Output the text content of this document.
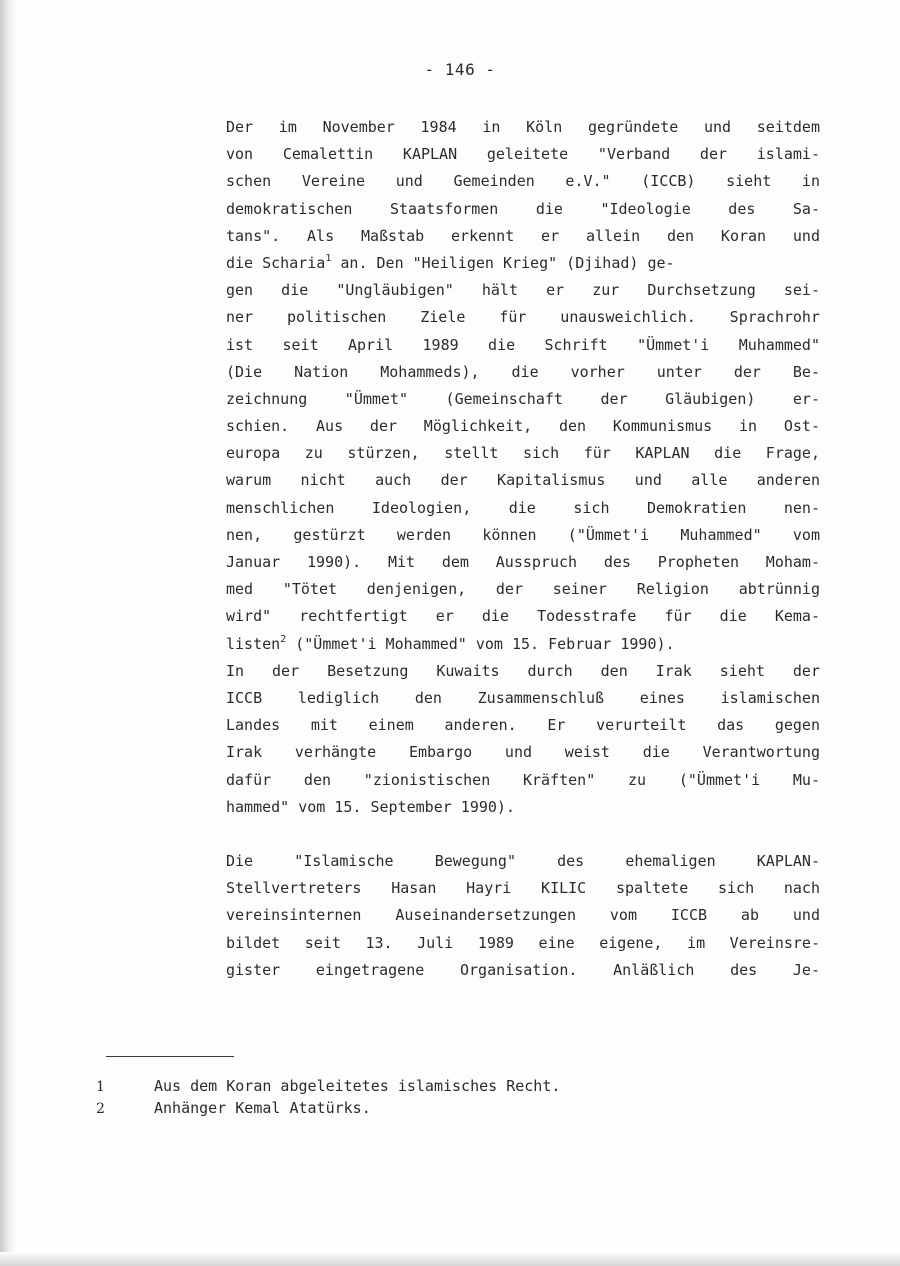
- 146 -
Der im November 1984 in Köln gegründete und seitdem
von Cemalettin KAPLAN geleitete "Verband der islami-
schen Vereine und Gemeinden e.V." (ICCB) sieht in
demokratischen Staatsformen die "Ideologie des Sa-
tans". Als Maßstab erkennt er allein den Koran und
die Scharia$^1$ an. Den "Heiligen Krieg" (Djihad) ge-
gen die "Ungläubigen" hält er zur Durchsetzung sei-
ner politischen Ziele für unausweichlich. Sprachrohr
ist seit April 1989 die Schrift "Ümmet'i Muhammed"
(Die Nation Mohammeds), die vorher unter der Be-
zeichnung "Ümmet" (Gemeinschaft der Gläubigen) er-
schien. Aus der Möglichkeit, den Kommunismus in Ost-
europa zu stürzen, stellt sich für KAPLAN die Frage,
warum nicht auch der Kapitalismus und alle anderen
menschlichen Ideologien, die sich Demokratien nen-
nen, gestürzt werden können ("Ümmet'i Muhammed" vom
Januar 1990). Mit dem Ausspruch des Propheten Moham-
med "Tötet denjenigen, der seiner Religion abtrünnig
wird" rechtfertigt er die Todesstrafe für die Kema-
listen$^2$ ("Ümmet'i Mohammed" vom 15. Februar 1990).
In der Besetzung Kuwaits durch den Irak sieht der
ICCB lediglich den Zusammenschluß eines islamischen
Landes mit einem anderen. Er verurteilt das gegen
Irak verhängte Embargo und weist die Verantwortung
dafür den "zionistischen Kräften" zu ("Ümmet'i Mu-
hammed" vom 15. September 1990).
Die "Islamische Bewegung" des ehemaligen KAPLAN-
Stellvertreters Hasan Hayri KILIC spaltete sich nach
vereinsinternen Auseinandersetzungen vom ICCB ab und
bildet seit 13. Juli 1989 eine eigene, im Vereinsre-
gister eingetragene Organisation. Anläßlich des Je-
1	Aus dem Koran abgeleitetes islamisches Recht.
2	Anhänger Kemal Atatürks.
